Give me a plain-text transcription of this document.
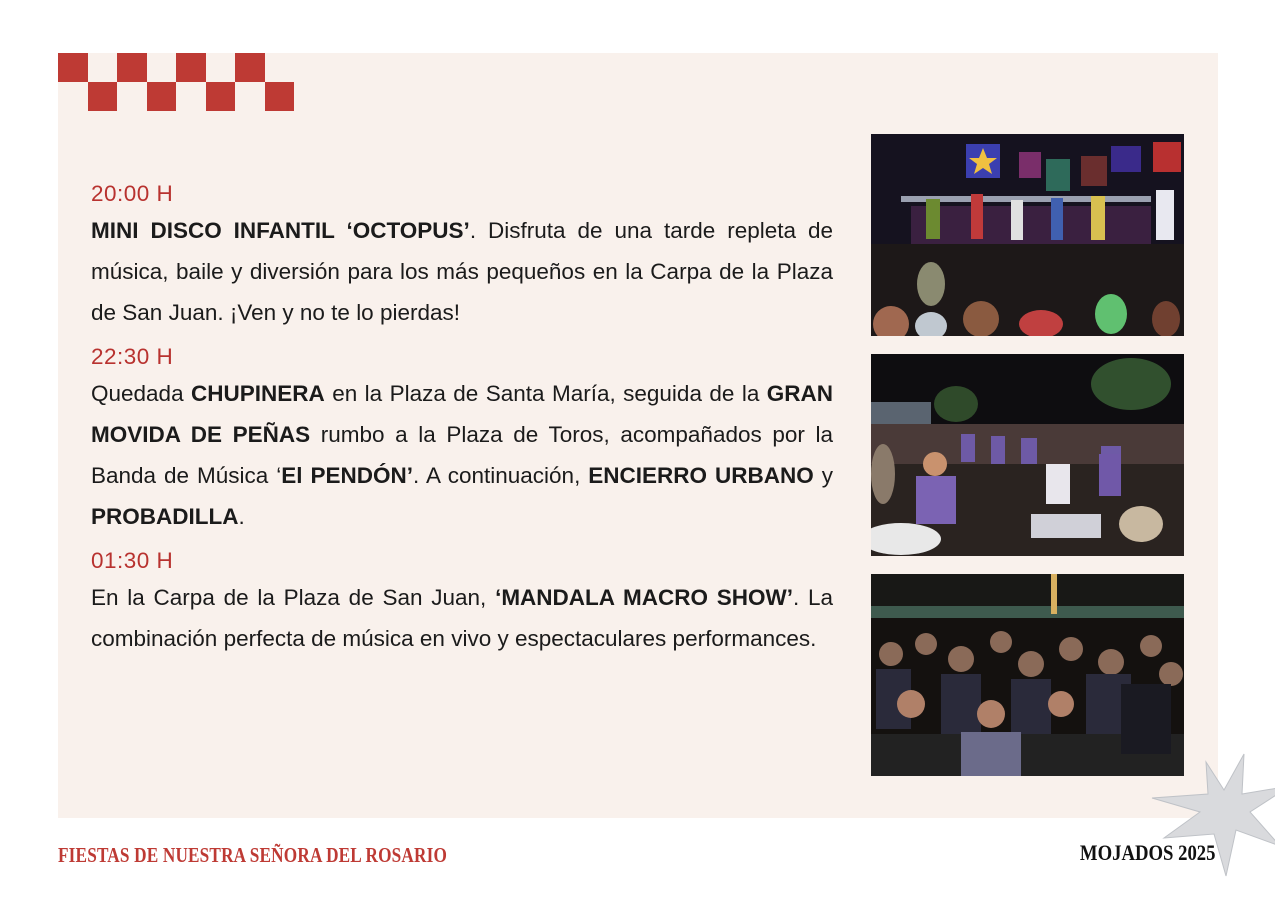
20:00 H
MINI DISCO INFANTIL ‘OCTOPUS’. Disfruta de una tarde repleta de música, baile y diversión para los más pequeños en la Carpa de la Plaza de San Juan. ¡Ven y no te lo pierdas!
22:30 H
Quedada CHUPINERA en la Plaza de Santa María, seguida de la GRAN MOVIDA DE PEÑAS rumbo a la Plaza de Toros, acompañados por la Banda de Música ‘El PENDÓN’. A continuación, ENCIERRO URBANO y PROBADILLA.
01:30 H
En la Carpa de la Plaza de San Juan, ‘MANDALA MACRO SHOW’. La combinación perfecta de música en vivo y espectaculares performances.
FIESTAS DE NUESTRA SEÑORA DEL ROSARIO	MOJADOS 2025
